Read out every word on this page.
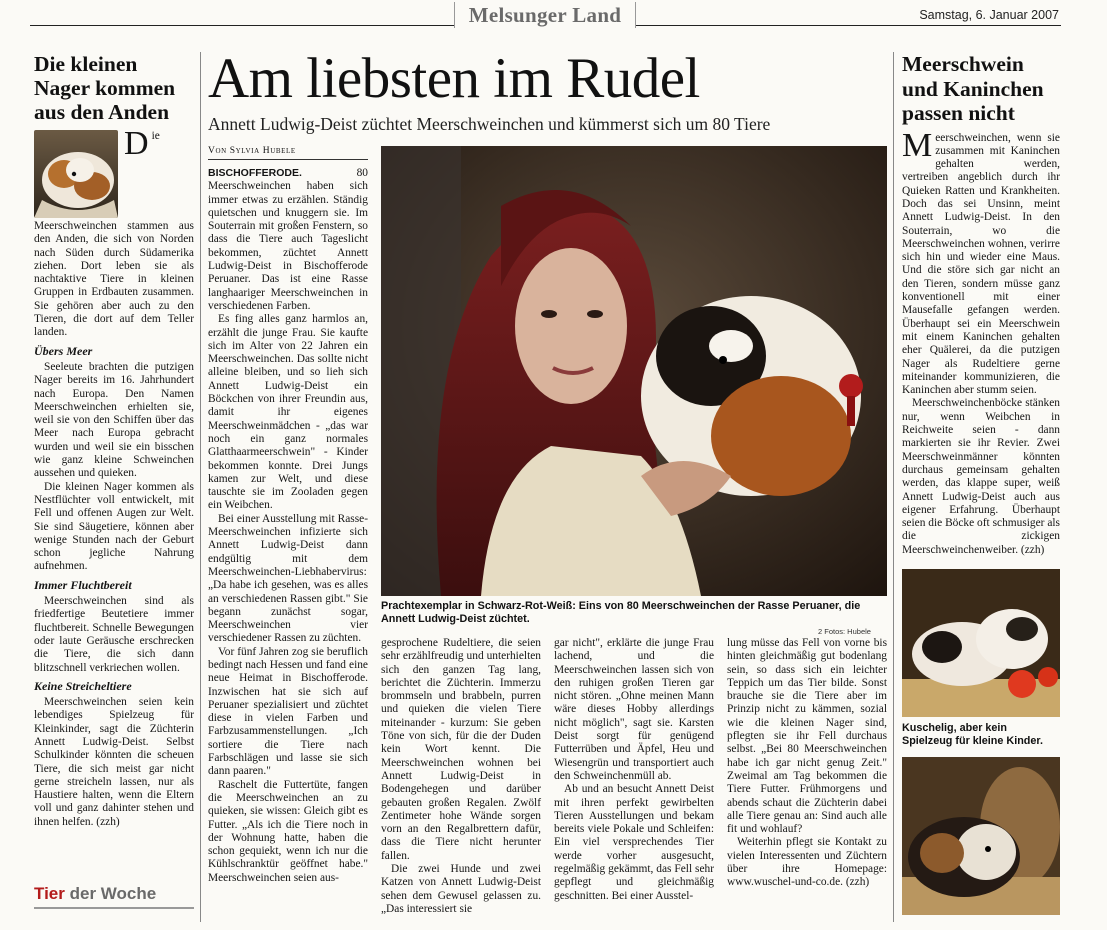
Melsunger Land	Samstag, 6. Januar 2007
Die kleinen Nager kommen aus den Anden
D ie Meerschweinchen stammen aus den Anden, die sich von Norden nach Süden durch Südamerika ziehen. Dort leben sie als nachtaktive Tiere in kleinen Gruppen in Erdbauten zusammen. Sie gehören aber auch zu den Tieren, die dort auf dem Teller landen.
Übers Meer

Seeleute brachten die putzigen Nager bereits im 16. Jahrhundert nach Europa. Den Namen Meerschweinchen erhielten sie, weil sie von den Schiffen über das Meer nach Europa gebracht wurden und weil sie ein bisschen wie ganz kleine Schweinchen aussehen und quieken.

Die kleinen Nager kommen als Nestflüchter voll entwickelt, mit Fell und offenen Augen zur Welt. Sie sind Säugetiere, können aber wenige Stunden nach der Geburt schon jegliche Nahrung aufnehmen.

Immer Fluchtbereit

Meerschweinchen sind als friedfertige Beutetiere immer fluchtbereit. Schnelle Bewegungen oder laute Geräusche erschrecken die Tiere, die sich dann blitzschnell verkriechen wollen.

Keine Streicheltiere

Meerschweinchen seien kein lebendiges Spielzeug für Kleinkinder, sagt die Züchterin Annett Ludwig-Deist. Selbst Schulkinder könnten die scheuen Tiere, die sich meist gar nicht gerne streicheln lassen, nur als Haustiere halten, wenn die Eltern voll und ganz dahinter stehen und ihnen helfen. (zzh)

Tier der Woche
Am liebsten im Rudel
Annett Ludwig-Deist züchtet Meerschweinchen und kümmerst sich um 80 Tiere
Von Sylvia Hubele

BISCHOFFERODE. 80 Meerschweinchen haben sich immer etwas zu erzählen. Ständig quietschen und knuggern sie. Im Souterrain mit großen Fenstern, so dass die Tiere auch Tageslicht bekommen, züchtet Annett Ludwig-Deist in Bischofferode Peruaner. Das ist eine Rasse langhaariger Meerschweinchen in verschiedenen Farben.

Es fing alles ganz harmlos an, erzählt die junge Frau. Sie kaufte sich im Alter von 22 Jahren ein Meerschweinchen. Das sollte nicht alleine bleiben, und so lieh sich Annett Ludwig-Deist ein Böckchen von ihrer Freundin aus, damit ihr eigenes Meerschweinmädchen - „das war noch ein ganz normales Glatthaarmeerschwein" - Kinder bekommen konnte. Drei Jungs kamen zur Welt, und diese tauschte sie im Zooladen gegen ein Weibchen.

Bei einer Ausstellung mit Rasse-Meerschweinchen infizierte sich Annett Ludwig-Deist dann endgültig mit dem Meerschweinchen-Liebhabervirus: „Da habe ich gesehen, was es alles an verschiedenen Rassen gibt." Sie begann zunächst sogar, Meerschweinchen vier verschiedener Rassen zu züchten.

Vor fünf Jahren zog sie beruflich bedingt nach Hessen und fand eine neue Heimat in Bischofferode. Inzwischen hat sie sich auf Peruaner spezialisiert und züchtet diese in vielen Farben und Farbzusammenstellungen. „Ich sortiere die Tiere nach Farbschlägen und lasse sie sich dann paaren."

Raschelt die Futtertüte, fangen die Meerschweinchen an zu quieken, sie wissen: Gleich gibt es Futter. „Als ich die Tiere noch in der Wohnung hatte, haben die schon gequiekt, wenn ich nur die Kühlschranktür geöffnet habe." Meerschweinchen seien aus-

Prachtexemplar in Schwarz-Rot-Weiß: Eins von 80 Meerschweinchen der Rasse Peruaner, die Annett Ludwig-Deist züchtet.
2 Fotos: Hubele

gesprochene Rudeltiere, die seien sehr erzählfreudig und unterhielten sich den ganzen Tag lang, berichtet die Züchterin. Immerzu brommseln und brabbeln, purren und quieken die vielen Tiere miteinander - kurzum: Sie geben Töne von sich, für die der Duden kein Wort kennt. Die Meerschweinchen wohnen bei Annett Ludwig-Deist in Bodengehegen und darüber gebauten großen Regalen. Zwölf Zentimeter hohe Wände sorgen vorn an den Regalbrettern dafür, dass die Tiere nicht herunter fallen.

Die zwei Hunde und zwei Katzen von Annett Ludwig-Deist sehen dem Gewusel gelassen zu. „Das interessiert sie

gar nicht", erklärte die junge Frau lachend, und die Meerschweinchen lassen sich von den ruhigen großen Tieren gar nicht stören. „Ohne meinen Mann wäre dieses Hobby allerdings nicht möglich", sagt sie. Karsten Deist sorgt für genügend Futterrüben und Äpfel, Heu und Wiesengrün und transportiert auch den Schweinchenmüll ab.

Ab und an besucht Annett Deist mit ihren perfekt gewirbelten Tieren Ausstellungen und bekam bereits viele Pokale und Schleifen: Ein viel versprechendes Tier werde vorher ausgesucht, regelmäßig gekämmt, das Fell sehr gepflegt und gleichmäßig geschnitten. Bei einer Ausstel-

lung müsse das Fell von vorne bis hinten gleichmäßig gut bodenlang sein, so dass sich ein leichter Teppich um das Tier bilde. Sonst brauche sie die Tiere aber im Prinzip nicht zu kämmen, sozial wie die kleinen Nager sind, pflegten sie ihr Fell durchaus selbst. „Bei 80 Meerschweinchen habe ich gar nicht genug Zeit." Zweimal am Tag bekommen die Tiere Futter. Frühmorgens und abends schaut die Züchterin dabei alle Tiere genau an: Sind auch alle fit und wohlauf?

Weiterhin pflegt sie Kontakt zu vielen Interessenten und Züchtern über ihre Homepage: www.wuschel-und-co.de. (zzh)

Meerschwein und Kaninchen passen nicht
M eerschweinchen, wenn sie zusammen mit Kaninchen gehalten werden, vertreiben angeblich durch ihr Quieken Ratten und Krankheiten. Doch das sei Unsinn, meint Annett Ludwig-Deist. In den Souterrain, wo die Meerschweinchen wohnen, verirre sich hin und wieder eine Maus. Und die störe sich gar nicht an den Tieren, sondern müsse ganz konventionell mit einer Mausefalle gefangen werden. Überhaupt sei ein Meerschwein mit einem Kaninchen gehalten eher Quälerei, da die putzigen Nager als Rudeltiere gerne miteinander kommunizieren, die Kaninchen aber stumm seien.

Meerschweinchenböcke stänken nur, wenn Weibchen in Reichweite seien - dann markierten sie ihr Revier. Zwei Meerschweinmänner könnten durchaus gemeinsam gehalten werden, das klappe super, weiß Annett Ludwig-Deist auch aus eigener Erfahrung. Überhaupt seien die Böcke oft schmusiger als die zickigen Meerschweinchenweiber. (zzh)

Kuschelig, aber kein Spielzeug für kleine Kinder.
